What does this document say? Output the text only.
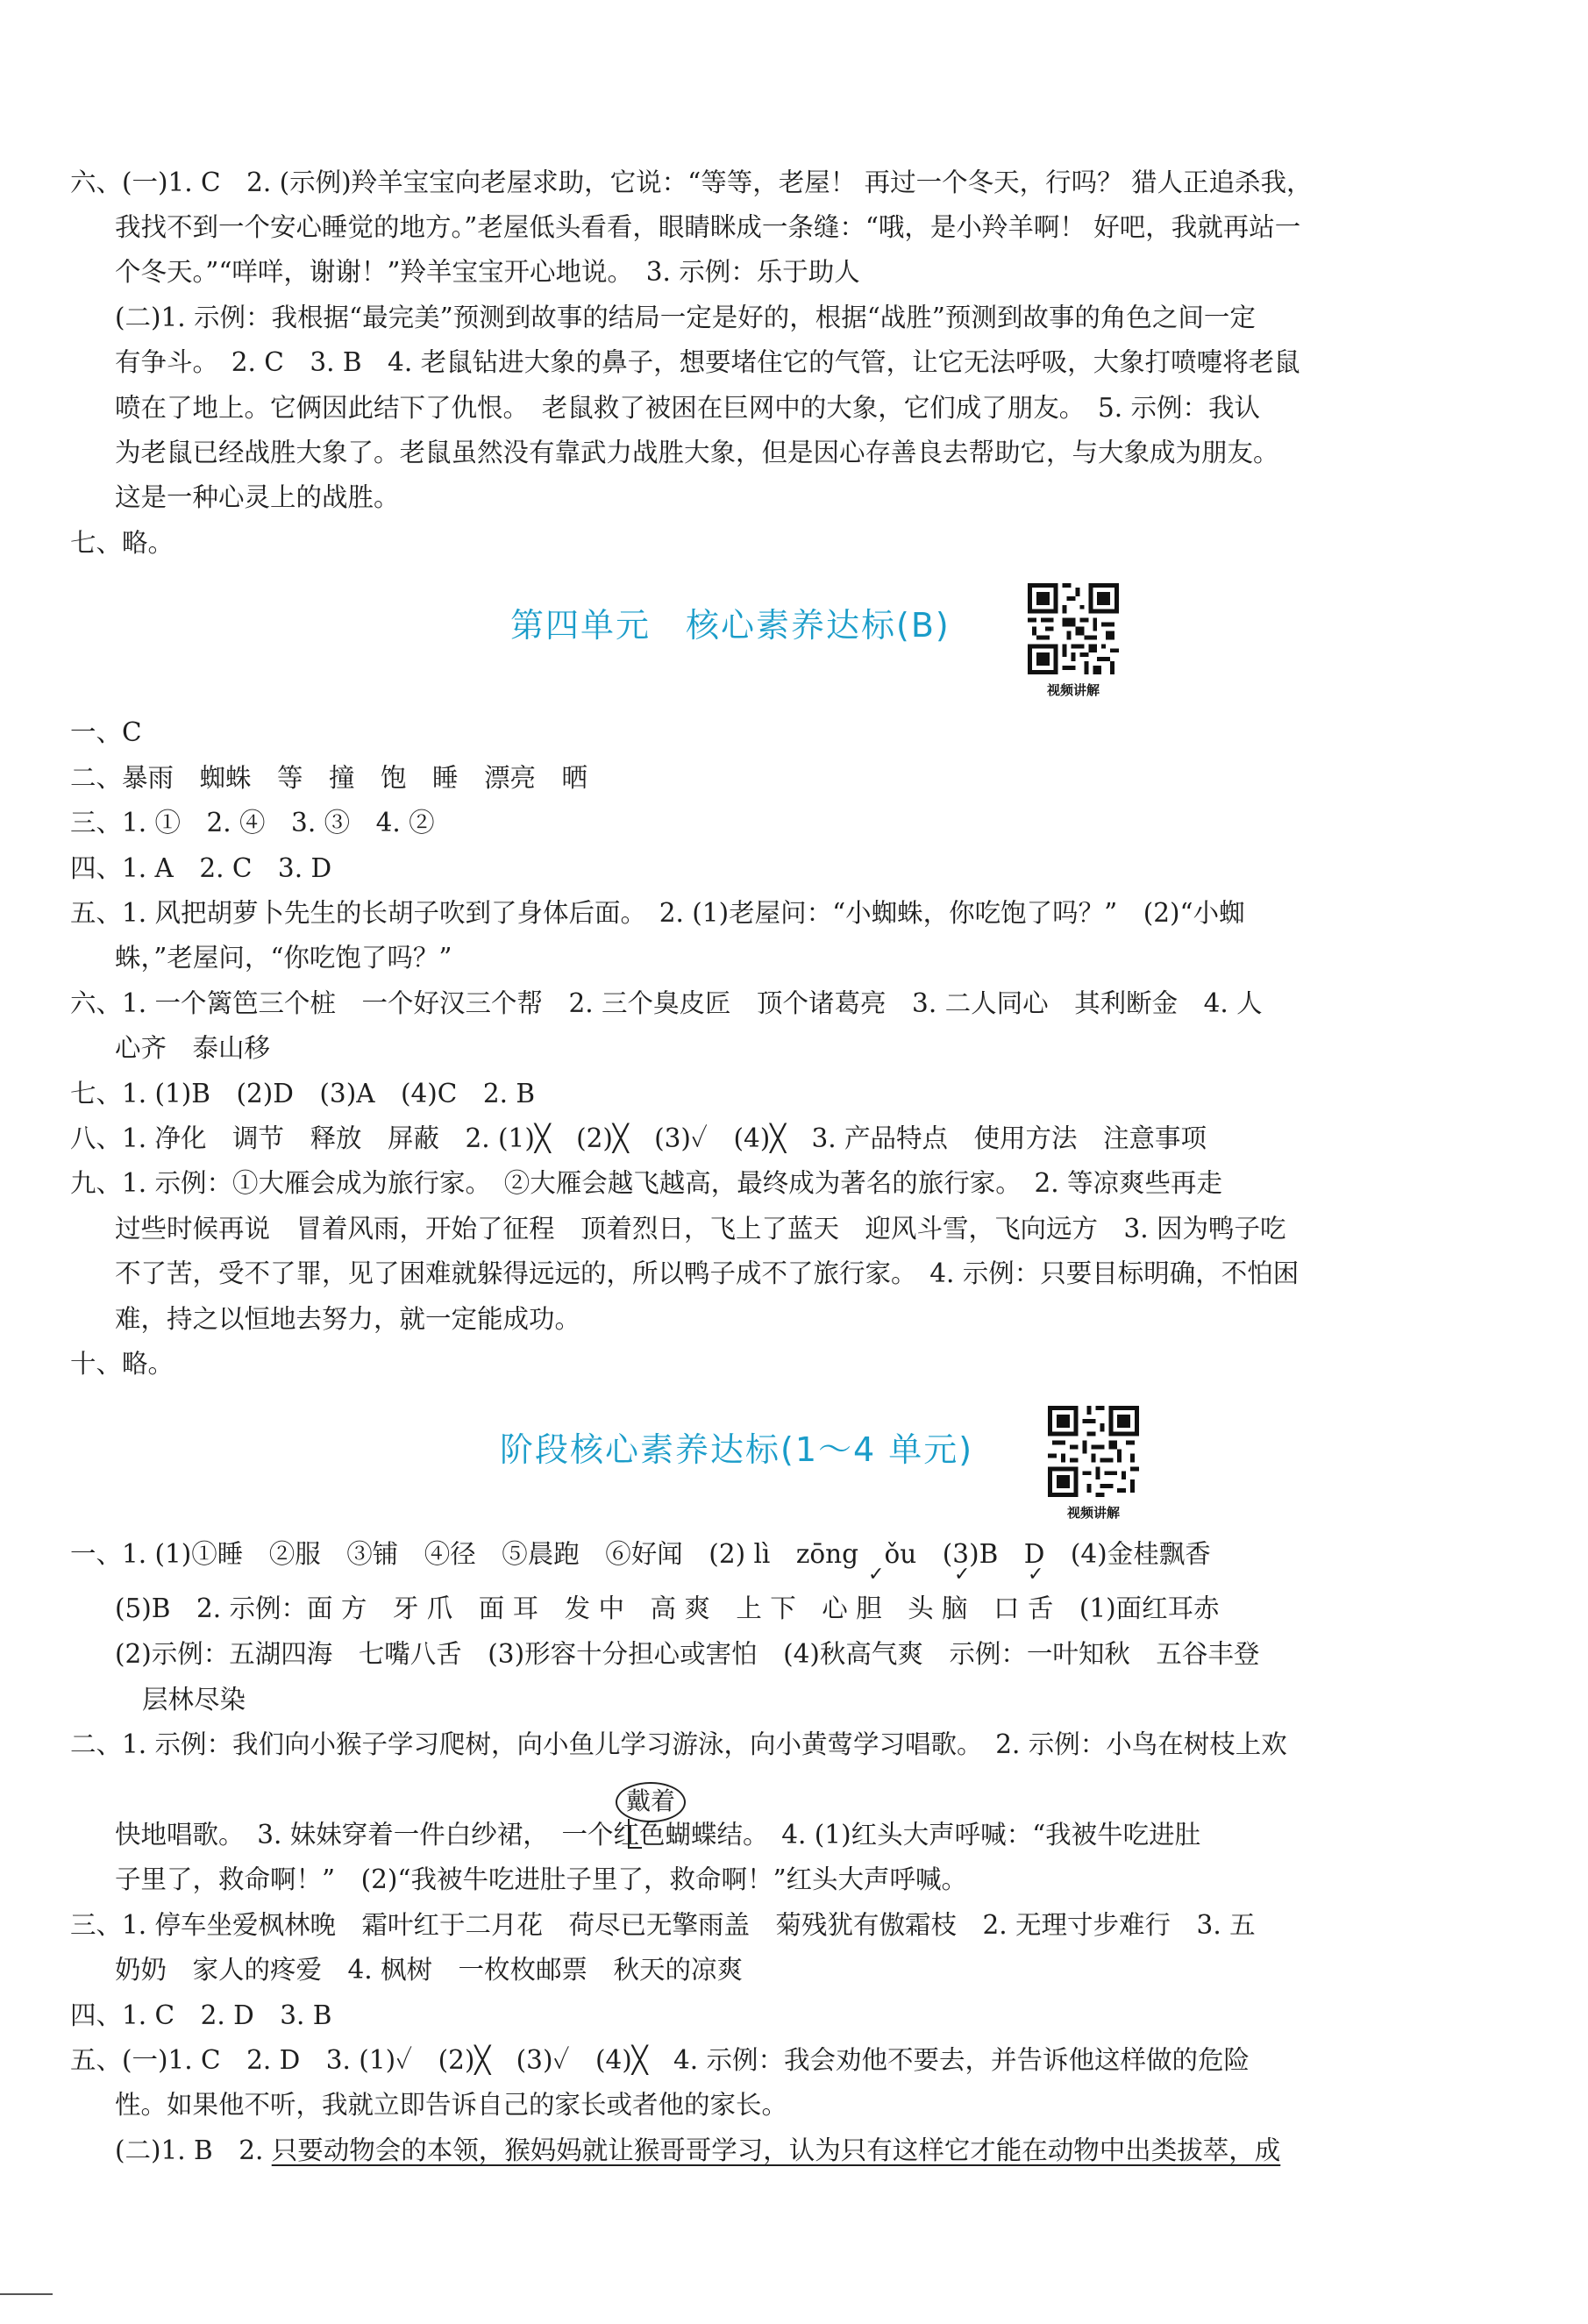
六、(一)1. C　2. (示例)羚羊宝宝向老屋求助，它说：“等等，老屋！ 再过一个冬天，行吗？ 猎人正追杀我，
我找不到一个安心睡觉的地方。”老屋低头看看，眼睛眯成一条缝：“哦，是小羚羊啊！ 好吧，我就再站一
个冬天。”“咩咩，谢谢！”羚羊宝宝开心地说。　3. 示例：乐于助人
(二)1. 示例：我根据“最完美”预测到故事的结局一定是好的，根据“战胜”预测到故事的角色之间一定
有争斗。　2. C　3. B　4. 老鼠钻进大象的鼻子，想要堵住它的气管，让它无法呼吸，大象打喷嚏将老鼠
喷在了地上。它俩因此结下了仇恨。　老鼠救了被困在巨网中的大象，它们成了朋友。　5. 示例：我认
为老鼠已经战胜大象了。老鼠虽然没有靠武力战胜大象，但是因心存善良去帮助它，与大象成为朋友。
这是一种心灵上的战胜。
七、略。
第四单元　核心素养达标(B)
视频讲解
一、C
二、暴雨　蜘蛛　等　撞　饱　睡　漂亮　晒
三、1. ①　2. ④　3. ③　4. ②
四、1. A　2. C　3. D
五、1. 风把胡萝卜先生的长胡子吹到了身体后面。　2. (1)老屋问：“小蜘蛛，你吃饱了吗？”　(2)“小蜘
蛛，”老屋问，“你吃饱了吗？”
六、1. 一个篱笆三个桩　一个好汉三个帮　2. 三个臭皮匠　顶个诸葛亮　3. 二人同心　其利断金　4. 人
心齐　泰山移
七、1. (1)B　(2)D　(3)A　(4)C　2. B
八、1. 净化　调节　释放　屏蔽　2. (1)╳　(2)╳　(3)✓　(4)╳　3. 产品特点　使用方法　注意事项
九、1. 示例：①大雁会成为旅行家。　②大雁会越飞越高，最终成为著名的旅行家。　2. 等凉爽些再走
过些时候再说　冒着风雨，开始了征程　顶着烈日，飞上了蓝天　迎风斗雪，飞向远方　3. 因为鸭子吃
不了苦，受不了罪，见了困难就躲得远远的，所以鸭子成不了旅行家。　4. 示例：只要目标明确，不怕困
难，持之以恒地去努力，就一定能成功。
十、略。
阶段核心素养达标(1～4 单元)
视频讲解
一、1. (1)①睡　②服　③铺　④径　⑤晨跑　⑥好闻　(2) lì　zōng　ǒu　(3)B　D　(4)金桂飘香
✓	✓	✓
(5)B　2. 示例：面 方　牙 爪　面 耳　发 中　高 爽　上 下　心 胆　头 脑　口 舌　(1)面红耳赤
(2)示例：五湖四海　七嘴八舌　(3)形容十分担心或害怕　(4)秋高气爽　示例：一叶知秋　五谷丰登
层林尽染
二、1. 示例：我们向小猴子学习爬树，向小鱼儿学习游泳，向小黄莺学习唱歌。　2. 示例：小鸟在树枝上欢
戴着
快地唱歌。　3. 妹妹穿着一件白纱裙，　一个红色蝴蝶结。　4. (1)红头大声呼喊：“我被牛吃进肚
子里了，救命啊！”　(2)“我被牛吃进肚子里了，救命啊！”红头大声呼喊。
三、1. 停车坐爱枫林晚　霜叶红于二月花　荷尽已无擎雨盖　菊残犹有傲霜枝　2. 无理寸步难行　3. 五
奶奶　家人的疼爱　4. 枫树　一枚枚邮票　秋天的凉爽
四、1. C　2. D　3. B
五、(一)1. C　2. D　3. (1)✓　(2)╳　(3)✓　(4)╳　4. 示例：我会劝他不要去，并告诉他这样做的危险
性。如果他不听，我就立即告诉自己的家长或者他的家长。
(二)1. B　2. 只要动物会的本领，猴妈妈就让猴哥哥学习，认为只有这样它才能在动物中出类拔萃，成
